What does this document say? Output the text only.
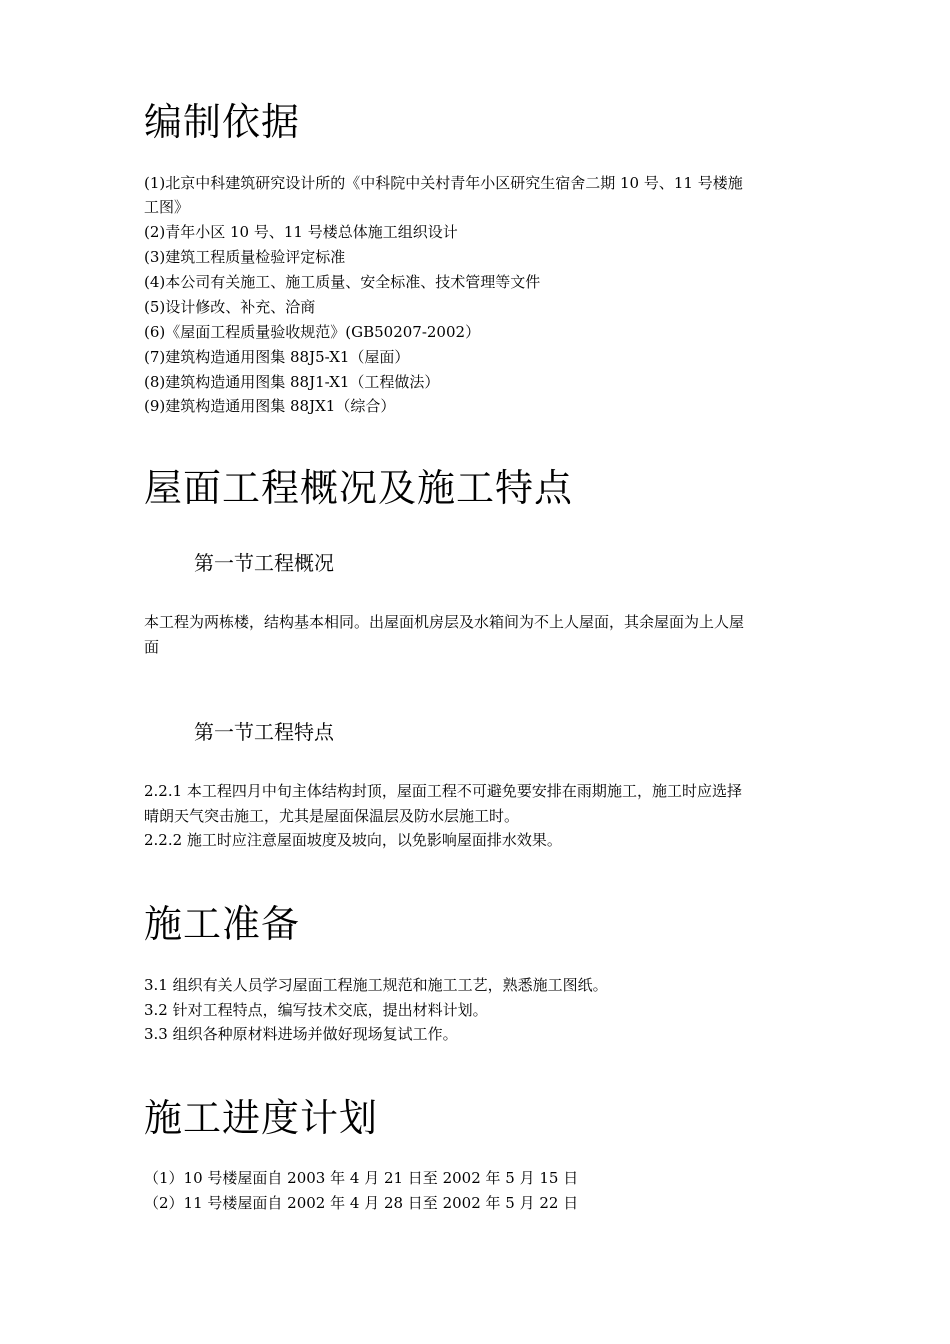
编制依据

(1)北京中科建筑研究设计所的《中科院中关村青年小区研究生宿舍二期 10 号、11 号楼施

工图》

(2)青年小区 10 号、11 号楼总体施工组织设计

(3)建筑工程质量检验评定标准

(4)本公司有关施工、施工质量、安全标准、技术管理等文件

(5)设计修改、补充、洽商

(6)《屋面工程质量验收规范》(GB50207-2002）

(7)建筑构造通用图集 88J5-X1（屋面）

(8)建筑构造通用图集 88J1-X1（工程做法）

(9)建筑构造通用图集 88JX1（综合）

屋面工程概况及施工特点
第一节工程概况

本工程为两栋楼，结构基本相同。出屋面机房层及水箱间为不上人屋面，其余屋面为上人屋

面

第一节工程特点

2.2.1 本工程四月中旬主体结构封顶，屋面工程不可避免要安排在雨期施工，施工时应选择

晴朗天气突击施工，尤其是屋面保温层及防水层施工时。

2.2.2 施工时应注意屋面坡度及坡向，以免影响屋面排水效果。

施工准备

3.1 组织有关人员学习屋面工程施工规范和施工工艺，熟悉施工图纸。

3.2 针对工程特点，编写技术交底，提出材料计划。

3.3 组织各种原材料进场并做好现场复试工作。

施工进度计划

（1）10 号楼屋面自 2003 年 4 月 21 日至 2002 年 5 月 15 日

（2）11 号楼屋面自 2002 年 4 月 28 日至 2002 年 5 月 22 日
